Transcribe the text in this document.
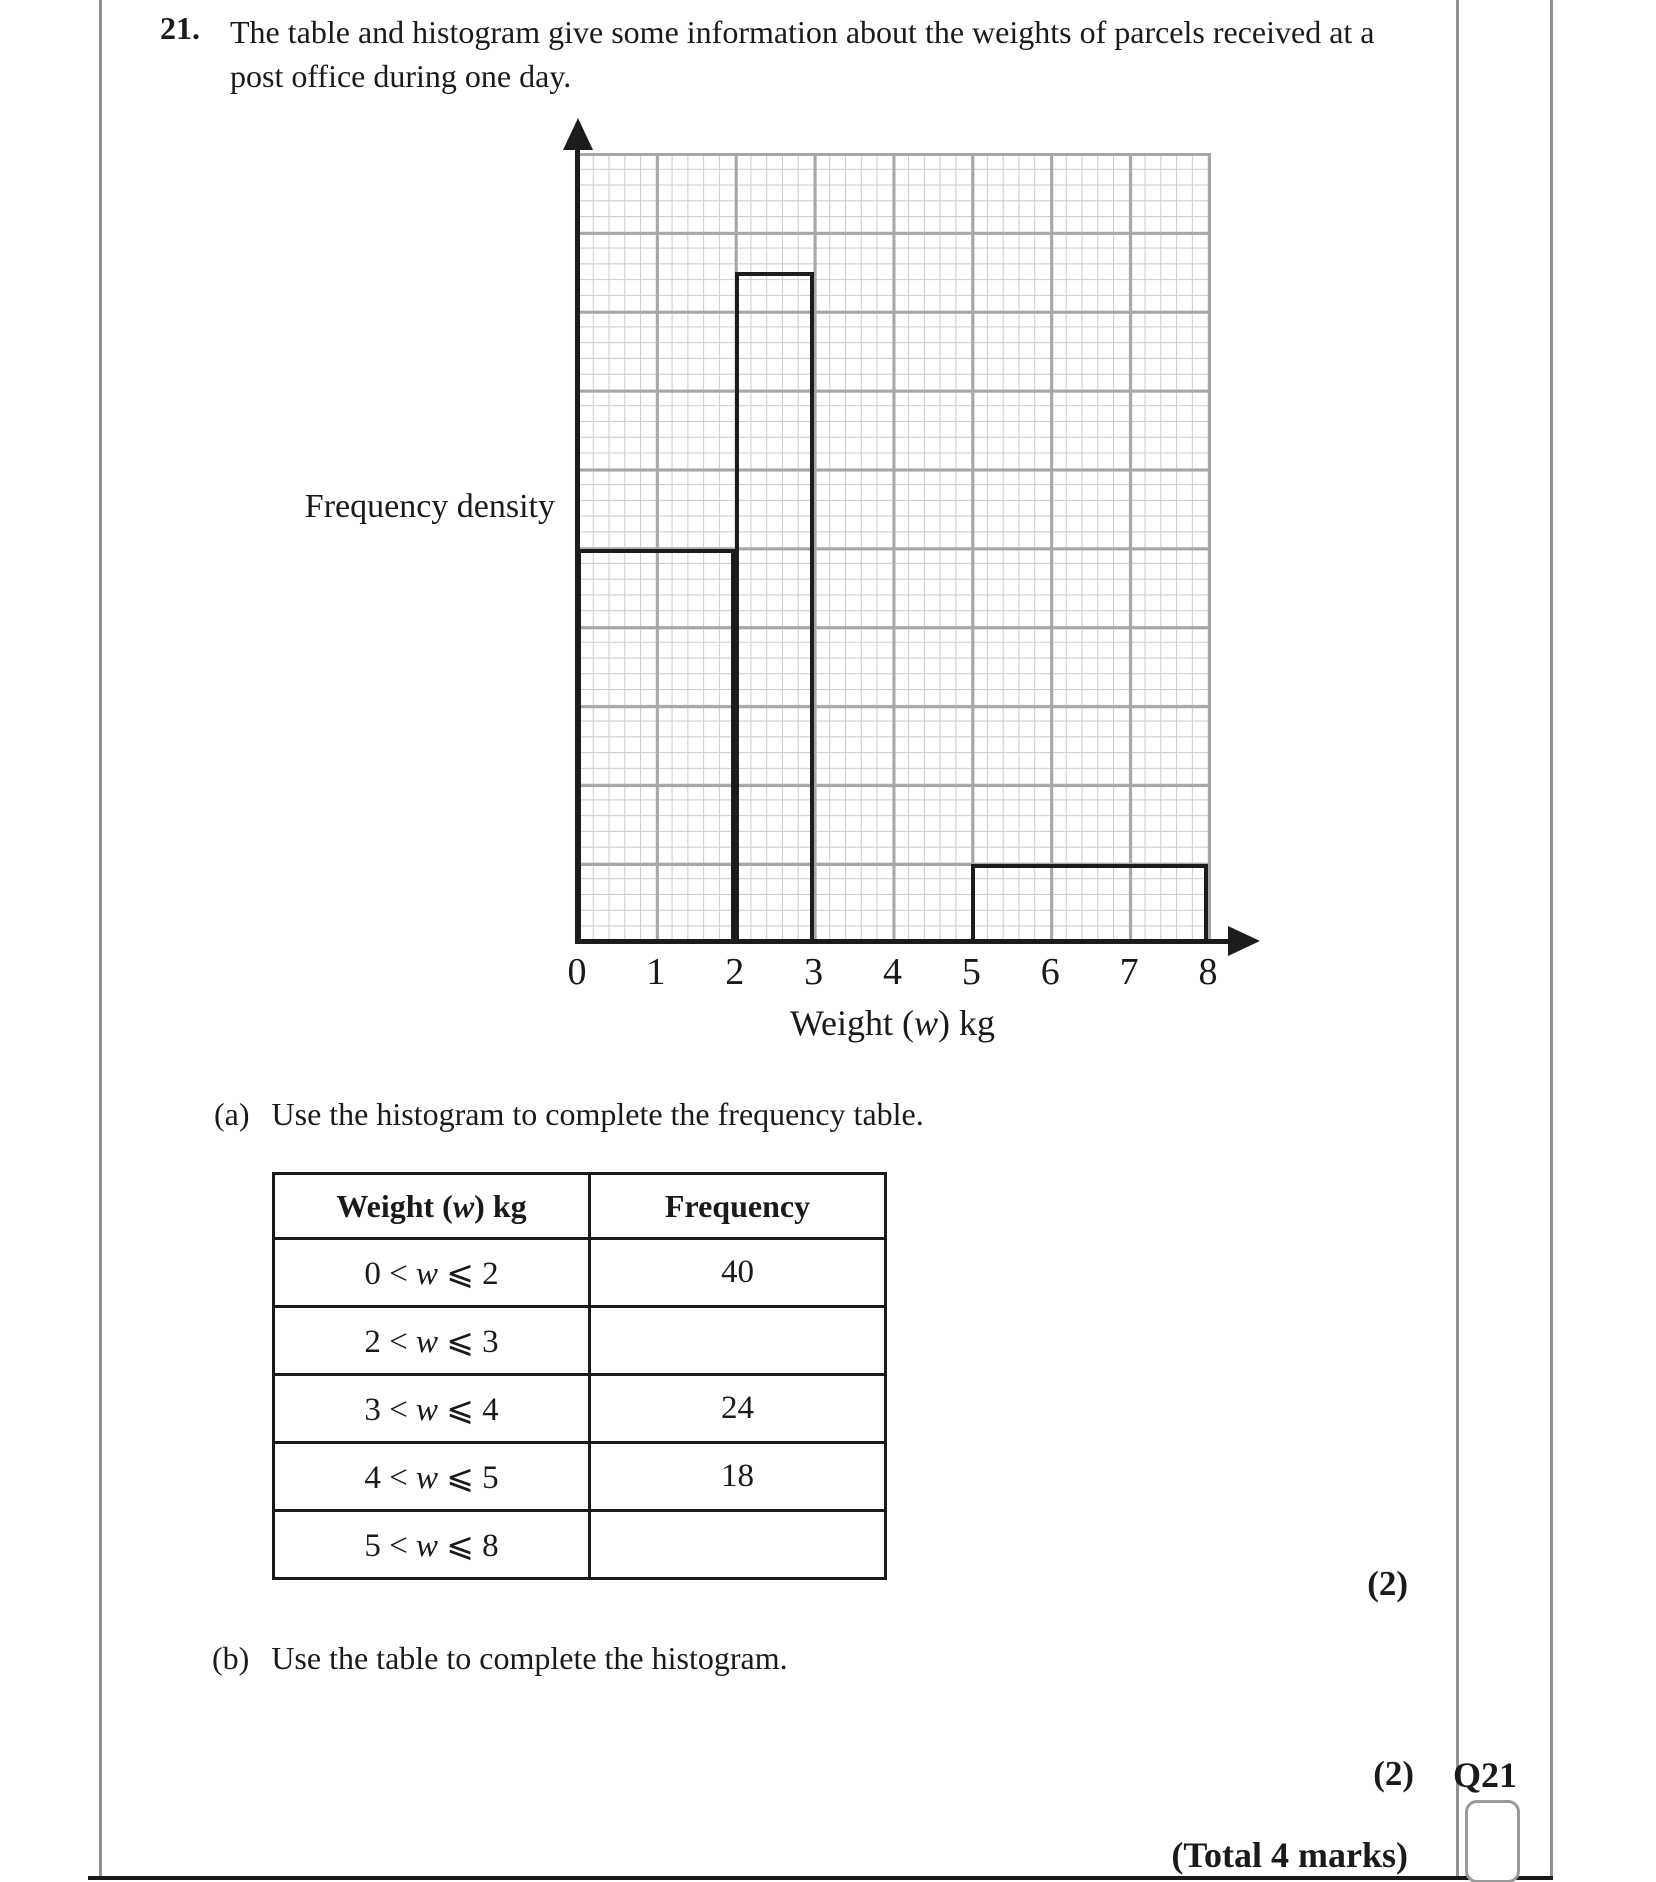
21. The table and histogram give some information about the weights of parcels received at a
post office during one day.
Frequency density
Weight (w) kg
(a) Use the histogram to complete the frequency table.
Weight (w) kg	Frequency
0 < w ⩽ 2	40
2 < w ⩽ 3	
3 < w ⩽ 4	24
4 < w ⩽ 5	18
5 < w ⩽ 8	
(2)
(b) Use the table to complete the histogram.
(2) Q21
(Total 4 marks)
0 1 2 3 4 5 6 7 8
